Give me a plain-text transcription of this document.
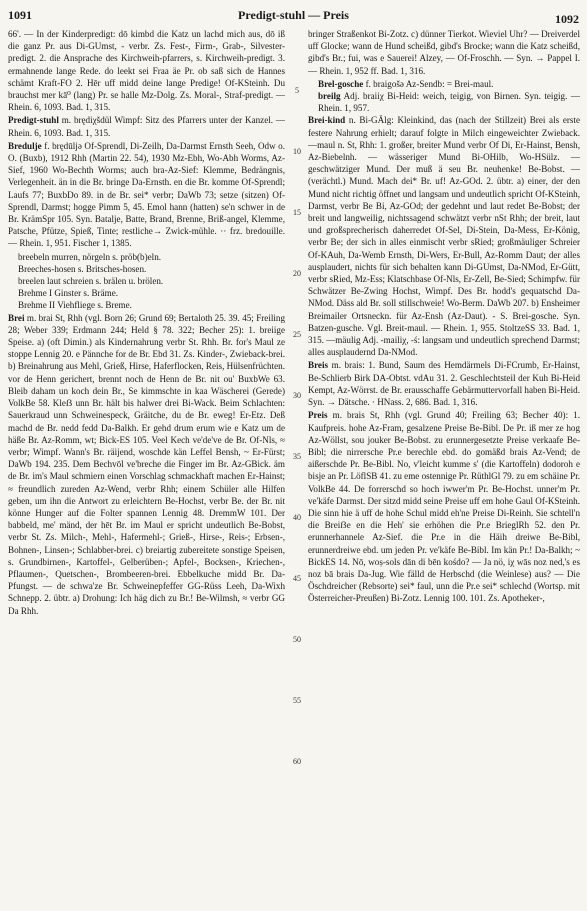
1091	Predigt-stuhl — Preis	1092

66'. — In der Kinderpredigt: dō kimbd die Katz un lachd mich aus, dō iß die ganz Pr. aus Di-GUmst, - verbr. Zs. Fest-, Firm-, Grab-, Silvester-predigt. 2. die Ansprache des Kirchweih-pfarrers, s. Kirchweih-predigt. 3. ermahnende lange Rede. do leekt sei Fraa äe Pr. ob saß sich de Hannes schämt Kraft-FO 2. Hēr uff midd deine lange Predige! Of-KSteinh. Du brauchst mer kā⁰ (lang) Pr. se halle Mz-Dolg. Zs. Moral-, Straf-predigt. — Rhein. 6, 1093. Bad. 1, 315.

Predigt-stuhl m. brędiχšdül Wimpf: Sitz des Pfarrers unter der Kanzel. — Rhein. 6, 1093. Bad. 1, 315.

Bredulje f. brędūljə Of-Sprendl, Di-Zeilh, Da-Darmst Ernsth Seeh, Odw o. O. (Buxb), 1912 Rhh (Martin 22. 54), 1930 Mz-Ebh, Wo-Abh Worms, Az-Sief, 1960 Wo-Bechth Worms; auch bra-Az-Sief: Klemme, Bedrängnis, Verlegenheit. än in die Br. bringe Da-Ernsth. en die Br. komme Of-Sprendl; Laufs 77; BuxbDo 89. in de Br. sei* verbr; DaWb 73; setze (sitzen) Of-Sprendl, Darmst; hogge Pimm 5, 45. Emol hann (hatten) se'n schwer in de Br. KrämSpr 105. Syn. Batalje, Batte, Brand, Brenne, Briß-angel, Klemme, Patsche, Pfütze, Spieß, Tinte; restliche→ Zwick-mühle. ·· frz. bredouille. — Rhein. 1, 951. Fischer 1, 1385.

breebeln murren, nörgeln s. pröb(b)eln.

Breeches-hosen s. Britsches-hosen.

breelen laut schreien s. brälen u. brölen.

Brehme I Ginster s. Bräme.

Brehme II Viehfliege s. Breme.

Brei m. brai St, Rhh (vgl. Born 26; Grund 69; Bertaloth 25. 39. 45; Freiling 28; Weber 339; Erdmann 244; Held § 78. 322; Becher 25): 1. breiige Speise. a) (oft Dimin.) als Kindernahrung verbr St. Rhh. Br. for's Maul ze stoppe Lennig 20. e Pännche for de Br. Ebd 31. Zs. Kinder-, Zwieback-brei. b) Breinahrung aus Mehl, Grieß, Hirse, Haferflocken, Reis, Hülsenfrüchten. vor de Henn gerichert, brennt noch de Henn de Br. nit ou' BuxbWe 63. Bleib daham un koch dein Br., Se kimmschte in kaa Wäscherei (Gerede) VolkBe 58. Kleẞ unn Br. hält bis halwer drei Bi-Wack. Beim Schlachten: Sauerkraud unn Schweinespeck, Gräitche, du de Br. eweg! Er-Etz. Deß machd de Br. nedd fedd Da-Balkh. Er gehd drum erum wie e Katz um de häße Br. Az-Romm, wt; Bick-ES 105. Veel Kech ve'de've de Br. Of-Nls, ≈ verbr; Wimpf. Wann's Br. räijend, woschde kän Leffel Bensh, ~ Er-Fürst; DaWb 194. 235. Dem Bechvōl ve'breche die Finger im Br. Az-GBick. äm de Br. im's Maul schmiern einen Vorschlag schmackhaft machen Er-Hainst; ≈ freundlich zureden Az-Wend, verbr Rhh; einem Schüler alle Hilfen geben, um ihn die Antwort zu erleichtern Be-Hochst, verbr Be. der Br. nit könne Hunger auf die Folter spannen Lennig 48. DremmW 101. Der babbeld, me' mänd, der hēt Br. im Maul er spricht undeutlich Be-Bobst, verbr St. Zs. Milch-, Mehl-, Hafermehl-; Grieß-, Hirse-, Reis-; Erbsen-, Bohnen-, Linsen-; Schlabber-brei. c) breiartig zubereitete sonstige Speisen, s. Grundbirnen-, Kartoffel-, Gelberüben-; Apfel-, Bocksen-, Kriechen-, Pflaumen-, Quetschen-, Brombeeren-brei. Ebbelkuche midd Br. Da-Pfungst. — de schwa'ze Br. Schweinepfeffer GG-Rüss Leeh, Da-Wixh Schnepp. 2. übtr. a) Drohung: Ich häg dich zu Br.! Be-Wilmsh, ≈ verbr GG Da Rhh.

5
10
15
20
25
30
35
40
45
50
55
60

bringer Straßenkot Bi-Zotz. c) dünner Tierkot. Wieviel Uhr? — Dreiverdel uff Glocke; wann de Hund scheißd, gibd's Brocke; wann die Katz scheißd, gibd's Br.; fui, was e Sauerei! Alzey, — Of-Froschh. — Syn. → Pappel I. — Rhein. 1, 952 ff. Bad. 1, 316.

Brel-gosche f. braigošə Az-Sendb: = Brei-maul.

breilg Adj. braiiχ Bi-Heid: weich, teigig, von Birnen. Syn. teigig. — Rhein. 1, 957.

Brei-kind n. Bi-GÄlg: Kleinkind, das (nach der Stillzeit) Brei als erste festere Nahrung erhielt; darauf folgte in Milch eingeweichter Zwieback. —maul n. St, Rhh: 1. großer, breiter Mund verbr Of Di, Er-Hainst, Bensh, Az-Biebelnh. — wässeriger Mund Bi-OHilb, Wo-HSülz. — geschwätziger Mund. Der muß ä seu Br. neuhenke! Be-Bobst. — (verächtl.) Mund. Mach dei* Br. uf! Az-GOd. 2. übtr. a) einer, der den Mund nicht richtig öffnet und langsam und undeutlich spricht Of-KSteinh, Darmst, verbr Be Bi, Az-GOd; der gedehnt und laut redet Be-Bobst; der breit und langweilig, nichtssagend schwätzt verbr nSt Rhh; der breit, laut und großsprecherisch daherredet Of-Sel, Di-Stein, Da-Mess, Er-König, verbr Be; der sich in alles einmischt verbr sRied; großmäuliger Schreier Of-KAuh, Da-Wemb Ernsth, Di-Wers, Er-Bull, Az-Romm Daut; der alles ausplaudert, nichts für sich behalten kann Di-GUmst, Da-NMod, Er-Gütt, verbr sRied, Mz-Ess; Klatschbase Of-Nls, Er-Zell, Be-Sied; Schimpfw. für Schwätzer Be-Zwing Hochst, Wimpf. Des Br. hodd's gequatschd Da-NMod. Däss ald Br. soll stillschweie! Wo-Berm. DaWb 207. b) Ensheimer Breimailer Ortsneckn. für Az-Ensh (Az-Daut). - S. Brei-gosche. Syn. Batzen-gusche. Vgl. Breit-maul. — Rhein. 1, 955. StoltzeSS 33. Bad. 1, 315. —mäulig Adj. -mailiχ, -ś: langsam und undeutlich sprechend Darmst; alles ausplaudernd Da-NMod.

Breis m. brais: 1. Bund, Saum des Hemdärmels Di-FCrumb, Er-Hainst, Be-Schlierb Birk DA-Obtst. vdAu 31. 2. Geschlechtsteil der Kuh Bi-Heid Kempt, Az-Wörrst. de Br. erausschaffe Gebärmuttervorfall haben Bi-Heid. Syn. → Dätsche. · HNass. 2, 686. Bad. 1, 316.

Preis m. brais St, Rhh (vgl. Grund 40; Freiling 63; Becher 40): 1. Kaufpreis. hohe Az-Fram, gesalzene Preise Be-Bibl. De Pr. iß mer ze hog Az-Wöllst, sou jouker Be-Bobst. zu erunnergesetzte Preise verkaafe Be-Bibl; die nirrersche Pr.e berechle ebd. do gomäßd brais Az-Vend; de aißerschde Pr. Be-Bibl. No, v'leicht kumme s' (die Kartoffeln) dodoroh e bisje an Pr. LöflSB 41. zu eme ostennige Pr. RüthlGl 79. zu em schäine Pr. VolkBe 44. De forrerschd so hoch iwwer'm Pr. Be-Hochst. unner'm Pr. ve'käfe Darmst. Der sitzd midd seine Preise uff em hohe Gaul Of-KSteinh. Die sinn hie ä uff de hohe Schul midd eh'ne Preise Di-Reinh. Sie schtell'n die Breiẞe en die Heh' sie erhöhen die Pr.e BrieglRh 52. den Pr. erunnerhannele Az-Sief. die Pr.e in die Häih dreiwe Be-Bibl, erunnerdreiwe ebd. um jeden Pr. ve'käfe Be-Bibl. Im kän Pr.! Da-Balkh; ~ BickES 14. Nō, woṣ-sols dān di bēn kośdo? — Ja nö, iχ wās noz ned,'s es noz bā brais Da-Jug. Wie fälld de Herbschd (die Weinlese) aus? — Die Öschdreicher (Rebsorte) sei* faul, unn die Pr.e sei* schlechd (Wortsp. mit Österreicher-Preußen) Bi-Zotz. Lennig 100. 101. Zs. Apotheker-,
